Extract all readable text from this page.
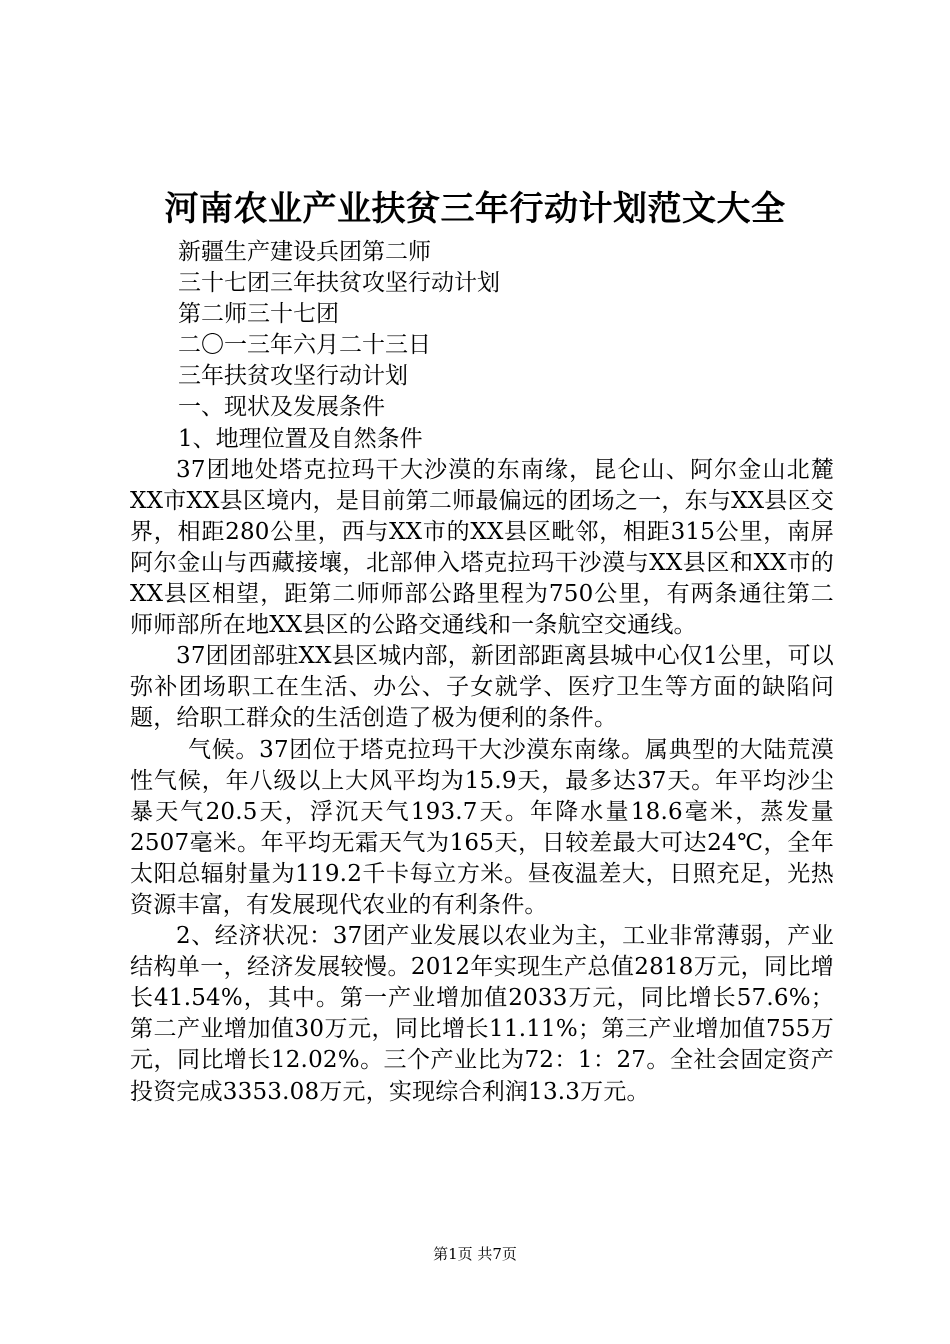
河南农业产业扶贫三年行动计划范文大全
新疆生产建设兵团第二师
三十七团三年扶贫攻坚行动计划
第二师三十七团
二〇一三年六月二十三日
三年扶贫攻坚行动计划
一、现状及发展条件
1、地理位置及自然条件

37团地处塔克拉玛干大沙漠的东南缘，昆仑山、阿尔金山北麓XX市XX县区境内，是目前第二师最偏远的团场之一，东与XX县区交界，相距280公里，西与XX市的XX县区毗邻，相距315公里，南屏阿尔金山与西藏接壤，北部伸入塔克拉玛干沙漠与XX县区和XX市的XX县区相望，距第二师师部公路里程为750公里，有两条通往第二师师部所在地XX县区的公路交通线和一条航空交通线。

37团团部驻XX县区城内部，新团部距离县城中心仅1公里，可以弥补团场职工在生活、办公、子女就学、医疗卫生等方面的缺陷问题，给职工群众的生活创造了极为便利的条件。

气候。37团位于塔克拉玛干大沙漠东南缘。属典型的大陆荒漠性气候，年八级以上大风平均为15.9天，最多达37天。年平均沙尘暴天气20.5天，浮沉天气193.7天。年降水量18.6毫米，蒸发量2507毫米。年平均无霜天气为165天，日较差最大可达24℃，全年太阳总辐射量为119.2千卡每立方米。昼夜温差大，日照充足，光热资源丰富，有发展现代农业的有利条件。

2、经济状况：37团产业发展以农业为主，工业非常薄弱，产业结构单一，经济发展较慢。2012年实现生产总值2818万元，同比增长41.54%，其中。第一产业增加值2033万元，同比增长57.6%；第二产业增加值30万元，同比增长11.11%；第三产业增加值755万元，同比增长12.02%。三个产业比为72：1：27。全社会固定资产投资完成3353.08万元，实现综合利润13.3万元。

第1页 共7页
